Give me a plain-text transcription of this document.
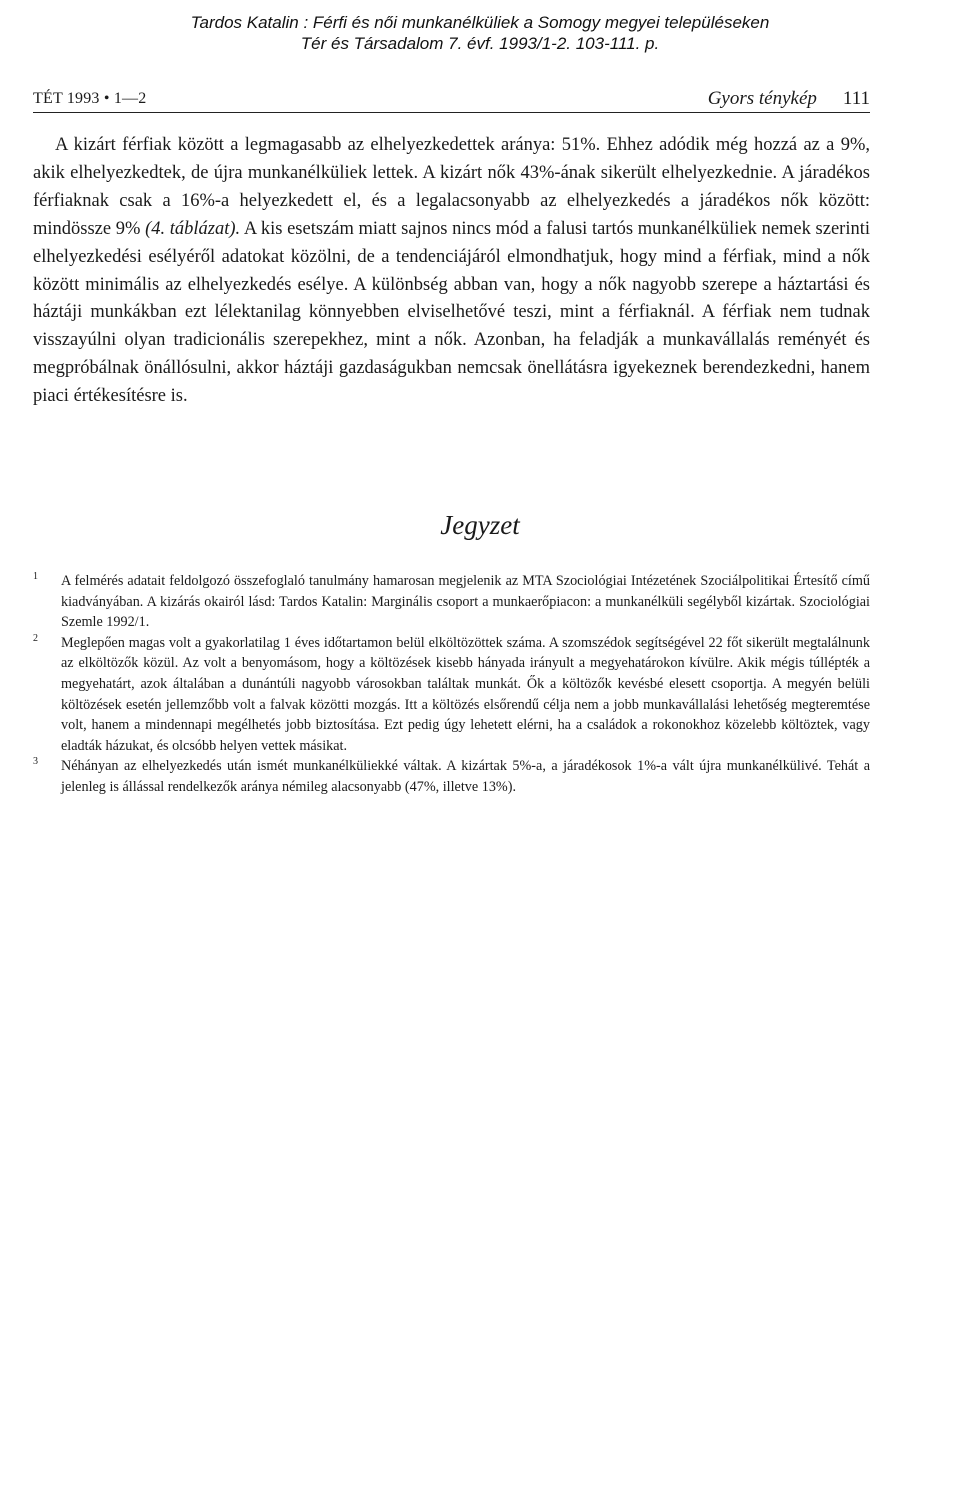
Tardos Katalin : Férfi és női munkanélküliek a Somogy megyei településeken
Tér és Társadalom 7. évf. 1993/1-2. 103-111. p.
TÉT 1993 • 1—2	Gyors ténykép 111

A kizárt férfiak között a legmagasabb az elhelyezkedettek aránya: 51%. Ehhez adódik még hozzá az a 9%, akik elhelyezkedtek, de újra munkanélküliek lettek. A kizárt nők 43%-ának sikerült elhelyezkednie. A járadékos férfiaknak csak a 16%-a helyezkedett el, és a legalacsonyabb az elhelyezkedés a járadékos nők között: mindössze 9% (4. táblázat). A kis esetszám miatt sajnos nincs mód a falusi tartós munkanélküliek nemek szerinti elhelyezkedési esélyéről adatokat közölni, de a tendenciájáról elmondhatjuk, hogy mind a férfiak, mind a nők között minimális az elhelyezkedés esélye. A különbség abban van, hogy a nők nagyobb szerepe a háztartási és háztáji munkákban ezt lélektanilag könnyebben elviselhetővé teszi, mint a férfiaknál. A férfiak nem tudnak visszayúlni olyan tradicionális szerepekhez, mint a nők. Azonban, ha feladják a munkavállalás reményét és megpróbálnak önállósulni, akkor háztáji gazdaságukban nemcsak önellátásra igyekeznek berendezkedni, hanem piaci értékesítésre is.

Jegyzet
1 A felmérés adatait feldolgozó összefoglaló tanulmány hamarosan megjelenik az MTA Szociológiai Intézetének Szociálpolitikai Értesítő című kiadványában. A kizárás okairól lásd: Tardos Katalin: Marginális csoport a munkaerőpiacon: a munkanélküli segélyből kizártak. Szociológiai Szemle 1992/1.
2 Meglepően magas volt a gyakorlatilag 1 éves időtartamon belül elköltözöttek száma. A szomszédok segítségével 22 főt sikerült megtalálnunk az elköltözők közül. Az volt a benyomásom, hogy a költözések kisebb hányada irányult a megyehatárokon kívülre. Akik mégis túllépték a megyehatárt, azok általában a dunántúli nagyobb városokban találtak munkát. Ők a költözők kevésbé elesett csoportja. A megyén belüli költözések esetén jellemzőbb volt a falvak közötti mozgás. Itt a költözés elsőrendű célja nem a jobb munkavállalási lehetőség megteremtése volt, hanem a mindennapi megélhetés jobb biztosítása. Ezt pedig úgy lehetett elérni, ha a családok a rokonokhoz közelebb költöztek, vagy eladták házukat, és olcsóbb helyen vettek másikat.
3 Néhányan az elhelyezkedés után ismét munkanélküliekké váltak. A kizártak 5%-a, a járadékosok 1%-a vált újra munkanélkülivé. Tehát a jelenleg is állással rendelkezők aránya némileg alacsonyabb (47%, illetve 13%).
